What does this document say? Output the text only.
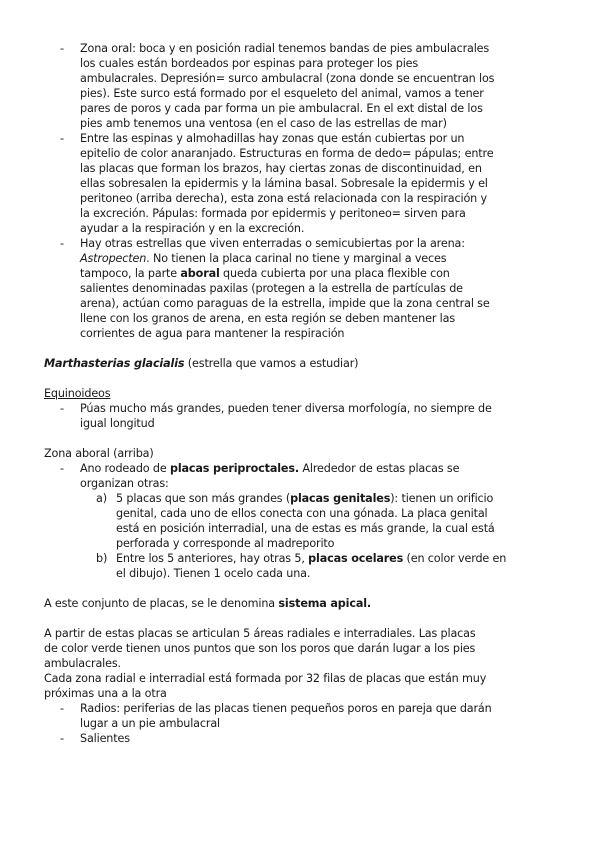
- Zona oral: boca y en posición radial tenemos bandas de pies ambulacrales
los cuales están bordeados por espinas para proteger los pies
ambulacrales. Depresión= surco ambulacral (zona donde se encuentran los
pies). Este surco está formado por el esqueleto del animal, vamos a tener
pares de poros y cada par forma un pie ambulacral. En el ext distal de los
pies amb tenemos una ventosa (en el caso de las estrellas de mar)
- Entre las espinas y almohadillas hay zonas que están cubiertas por un
epitelio de color anaranjado. Estructuras en forma de dedo= pápulas; entre
las placas que forman los brazos, hay ciertas zonas de discontinuidad, en
ellas sobresalen la epidermis y la lámina basal. Sobresale la epidermis y el
peritoneo (arriba derecha), esta zona está relacionada con la respiración y
la excreción. Pápulas: formada por epidermis y peritoneo= sirven para
ayudar a la respiración y en la excreción.
- Hay otras estrellas que viven enterradas o semicubiertas por la arena:
Astropecten. No tienen la placa carinal no tiene y marginal a veces
tampoco, la parte aboral queda cubierta por una placa flexible con
salientes denominadas paxilas (protegen a la estrella de partículas de
arena), actúan como paraguas de la estrella, impide que la zona central se
llene con los granos de arena, en esta región se deben mantener las
corrientes de agua para mantener la respiración
Marthasterias glacialis (estrella que vamos a estudiar)
Equinoideos
- Púas mucho más grandes, pueden tener diversa morfología, no siempre de
igual longitud
Zona aboral (arriba)
- Ano rodeado de placas periproctales. Alrededor de estas placas se
organizan otras:
a) 5 placas que son más grandes (placas genitales): tienen un orificio
genital, cada uno de ellos conecta con una gónada. La placa genital
está en posición interradial, una de estas es más grande, la cual está
perforada y corresponde al madreporito
b) Entre los 5 anteriores, hay otras 5, placas ocelares (en color verde en
el dibujo). Tienen 1 ocelo cada una.
A este conjunto de placas, se le denomina sistema apical.
A partir de estas placas se articulan 5 áreas radiales e interradiales. Las placas
de color verde tienen unos puntos que son los poros que darán lugar a los pies
ambulacrales.
Cada zona radial e interradial está formada por 32 filas de placas que están muy
próximas una a la otra
- Radios: periferias de las placas tienen pequeños poros en pareja que darán
lugar a un pie ambulacral
- Salientes
